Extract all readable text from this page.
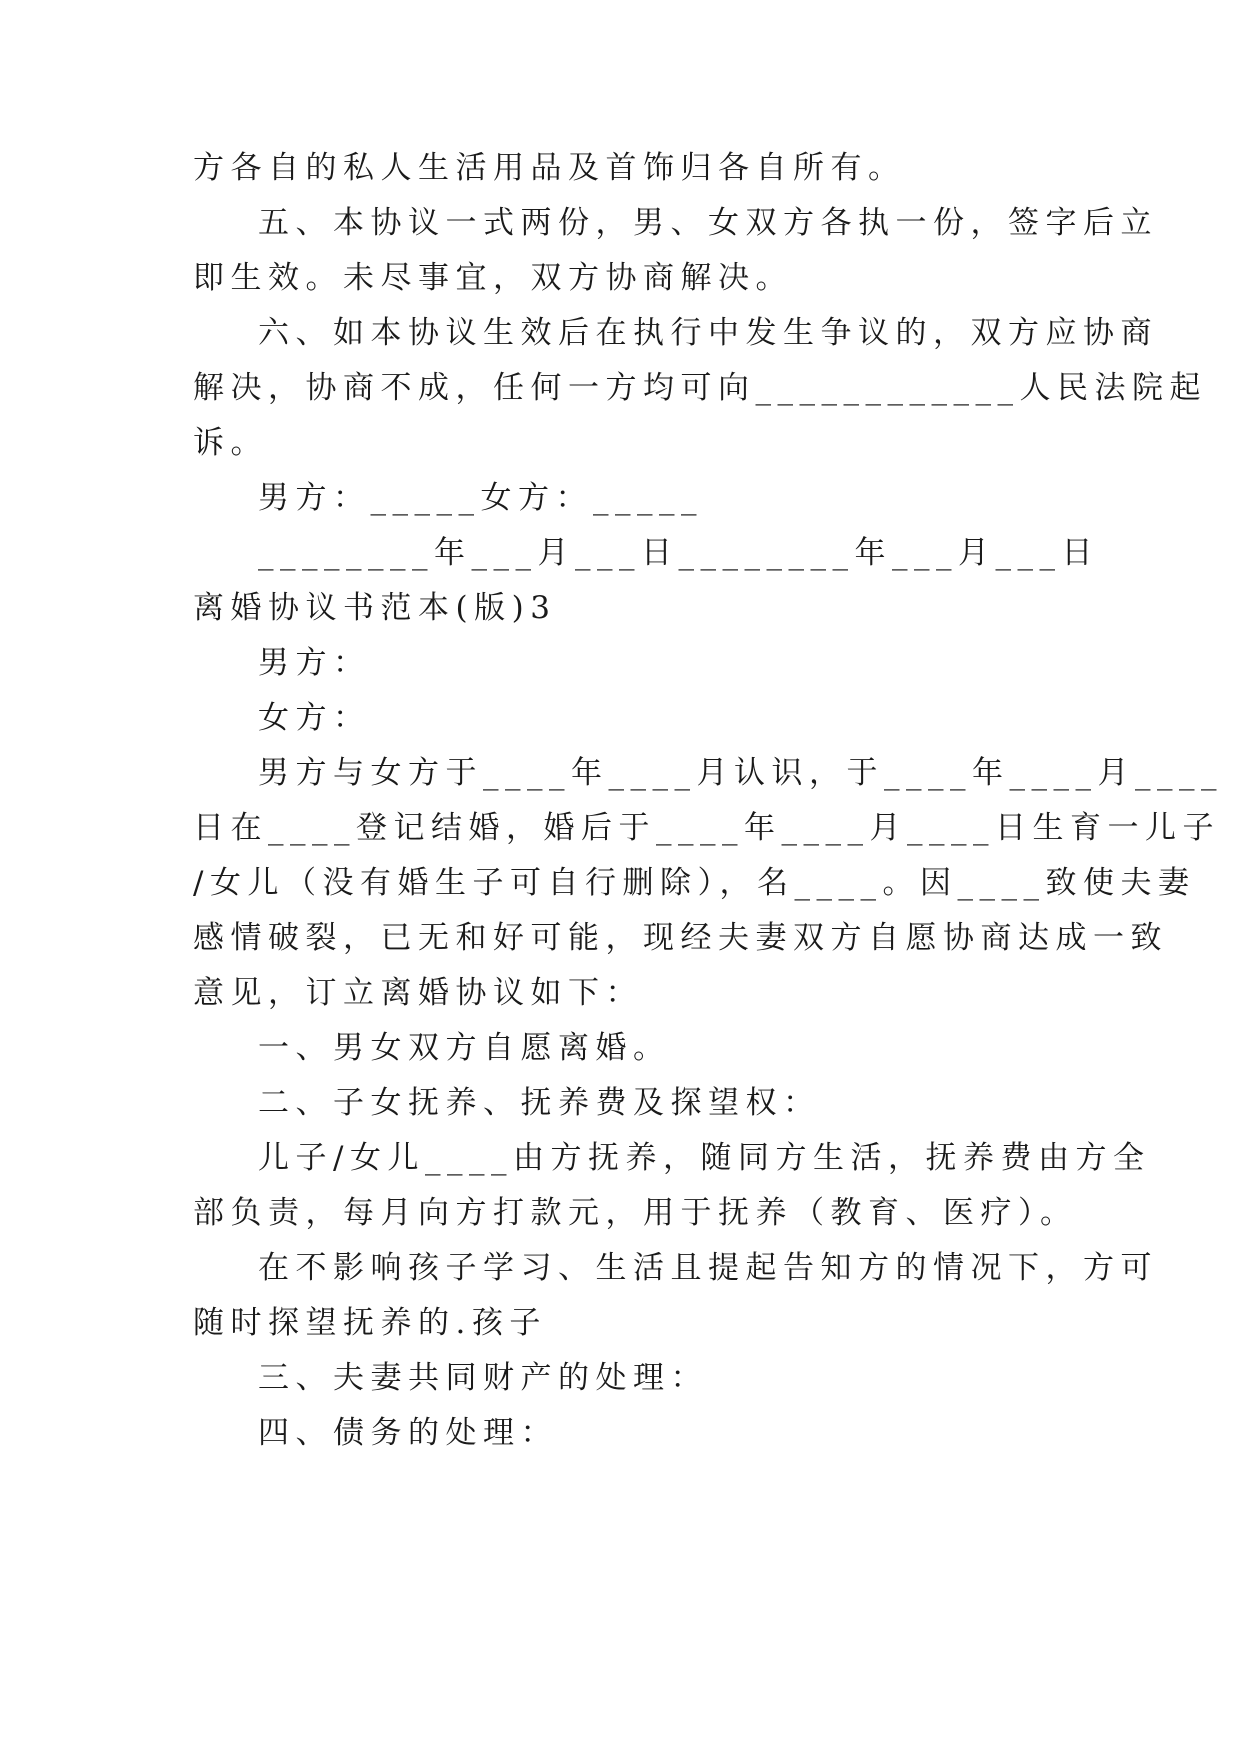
方各自的私人生活用品及首饰归各自所有。
五、本协议一式两份，男、女双方各执一份，签字后立
即生效。未尽事宜，双方协商解决。
六、如本协议生效后在执行中发生争议的，双方应协商
解决，协商不成，任何一方均可向____________人民法院起
诉。
男方：_____女方：_____
________年___月___日________年___月___日
离婚协议书范本(版)3
男方：
女方：
男方与女方于____年____月认识，于____年____月____
日在____登记结婚，婚后于____年____月____日生育一儿子
/女儿（没有婚生子可自行删除），名____。因____致使夫妻
感情破裂，已无和好可能，现经夫妻双方自愿协商达成一致
意见，订立离婚协议如下：
一、男女双方自愿离婚。
二、子女抚养、抚养费及探望权：
儿子/女儿____由方抚养，随同方生活，抚养费由方全
部负责，每月向方打款元，用于抚养（教育、医疗）。
在不影响孩子学习、生活且提起告知方的情况下，方可
随时探望抚养的.孩子
三、夫妻共同财产的处理：
四、债务的处理：
